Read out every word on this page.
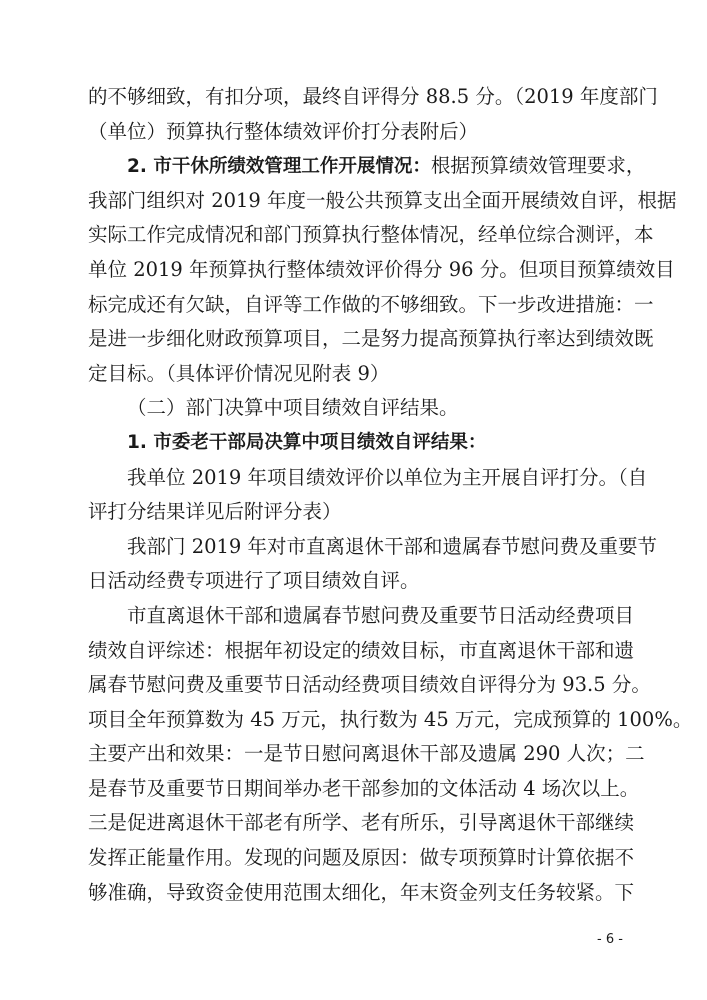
的不够细致，有扣分项，最终自评得分 88.5 分。（2019 年度部门
（单位）预算执行整体绩效评价打分表附后）
2. 市干休所绩效管理工作开展情况：根据预算绩效管理要求，
我部门组织对 2019 年度一般公共预算支出全面开展绩效自评，根据
实际工作完成情况和部门预算执行整体情况，经单位综合测评，本
单位 2019 年预算执行整体绩效评价得分 96 分。但项目预算绩效目
标完成还有欠缺，自评等工作做的不够细致。下一步改进措施：一
是进一步细化财政预算项目，二是努力提高预算执行率达到绩效既
定目标。（具体评价情况见附表 9）
（二）部门决算中项目绩效自评结果。
1. 市委老干部局决算中项目绩效自评结果：
我单位 2019 年项目绩效评价以单位为主开展自评打分。（自
评打分结果详见后附评分表）
我部门 2019 年对市直离退休干部和遗属春节慰问费及重要节
日活动经费专项进行了项目绩效自评。
市直离退休干部和遗属春节慰问费及重要节日活动经费项目
绩效自评综述：根据年初设定的绩效目标，市直离退休干部和遗
属春节慰问费及重要节日活动经费项目绩效自评得分为 93.5 分。
项目全年预算数为 45 万元，执行数为 45 万元，完成预算的 100%。
主要产出和效果：一是节日慰问离退休干部及遗属 290 人次；二
是春节及重要节日期间举办老干部参加的文体活动 4 场次以上。
三是促进离退休干部老有所学、老有所乐，引导离退休干部继续
发挥正能量作用。发现的问题及原因：做专项预算时计算依据不
够准确，导致资金使用范围太细化，年末资金列支任务较紧。下
- 6 -
